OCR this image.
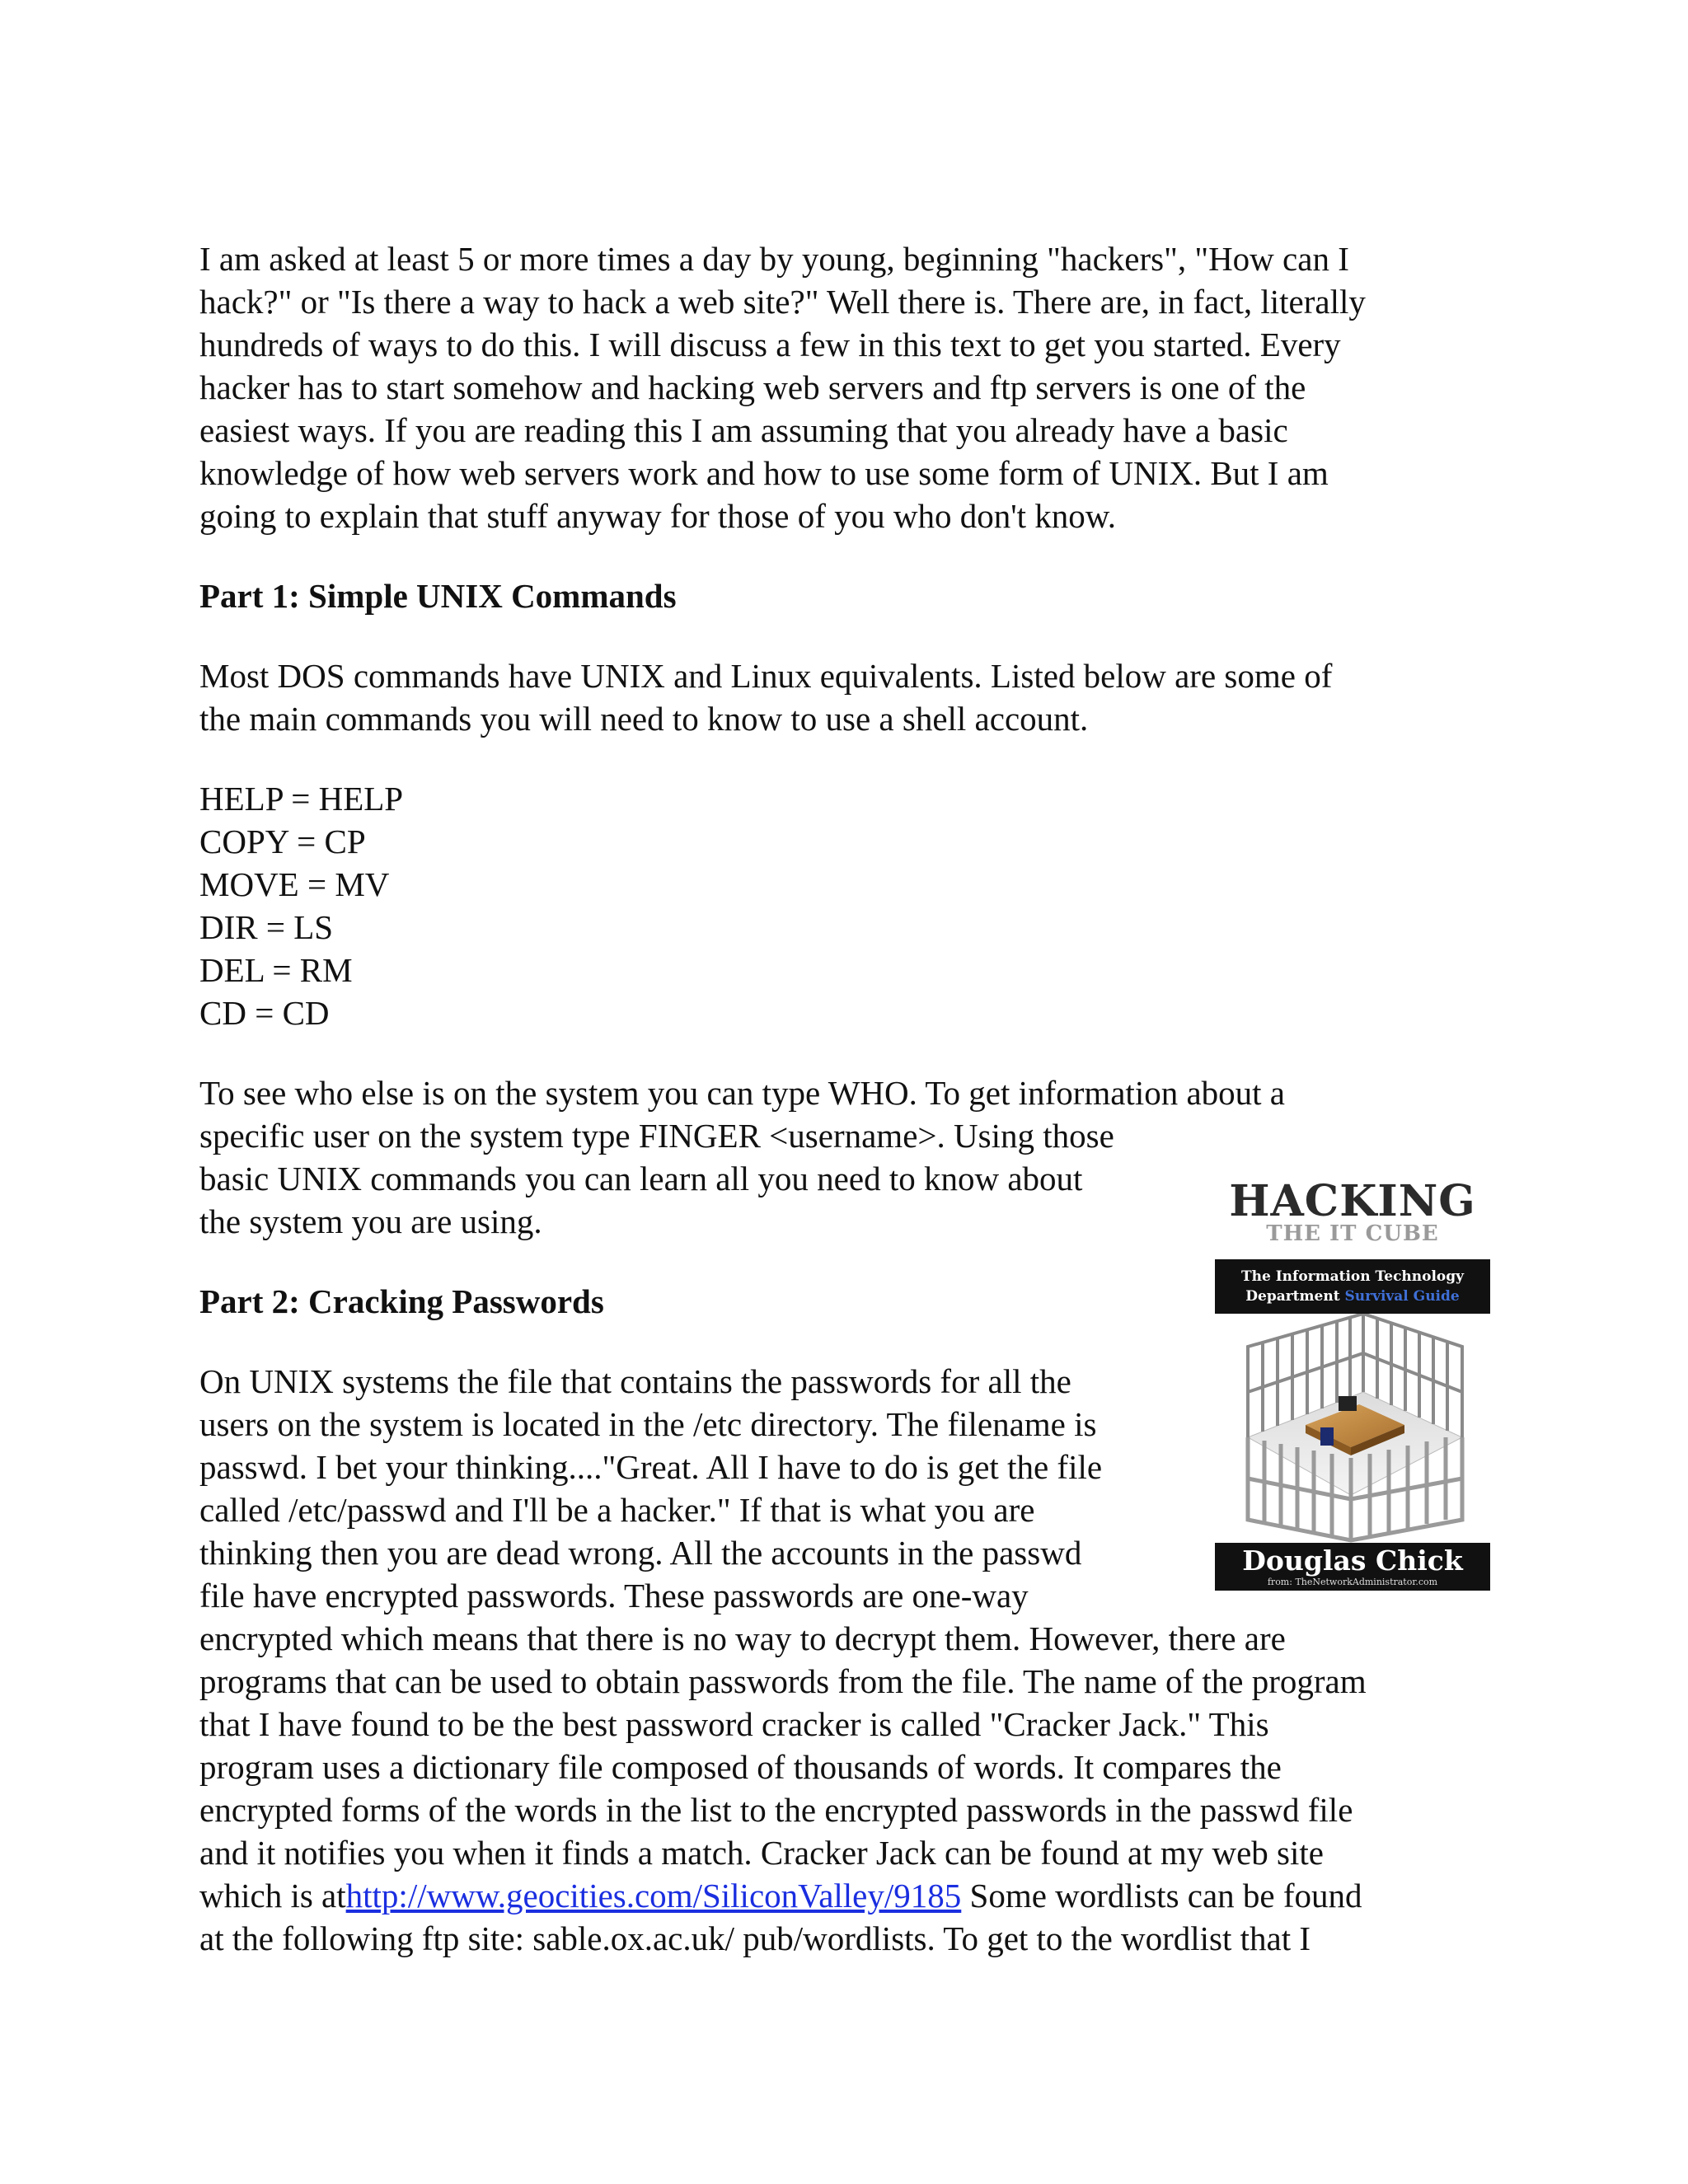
I am asked at least 5 or more times a day by young, beginning "hackers", "How can I
hack?" or "Is there a way to hack a web site?" Well there is. There are, in fact, literally
hundreds of ways to do this. I will discuss a few in this text to get you started. Every
hacker has to start somehow and hacking web servers and ftp servers is one of the
easiest ways. If you are reading this I am assuming that you already have a basic
knowledge of how web servers work and how to use some form of UNIX. But I am
going to explain that stuff anyway for those of you who don't know.
Part 1: Simple UNIX Commands
Most DOS commands have UNIX and Linux equivalents. Listed below are some of
the main commands you will need to know to use a shell account.
HELP = HELP
COPY = CP
MOVE = MV
DIR = LS
DEL = RM
CD = CD
To see who else is on the system you can type WHO. To get information about a
specific user on the system type FINGER <username>. Using those
basic UNIX commands you can learn all you need to know about
the system you are using.
Part 2: Cracking Passwords
On UNIX systems the file that contains the passwords for all the
users on the system is located in the /etc directory. The filename is
passwd. I bet your thinking...."Great. All I have to do is get the file
called /etc/passwd and I'll be a hacker." If that is what you are
thinking then you are dead wrong. All the accounts in the passwd
file have encrypted passwords. These passwords are one-way
encrypted which means that there is no way to decrypt them. However, there are
programs that can be used to obtain passwords from the file. The name of the program
that I have found to be the best password cracker is called "Cracker Jack." This
program uses a dictionary file composed of thousands of words. It compares the
encrypted forms of the words in the list to the encrypted passwords in the passwd file
and it notifies you when it finds a match. Cracker Jack can be found at my web site
which is athttp://www.geocities.com/SiliconValley/9185 Some wordlists can be found
at the following ftp site: sable.ox.ac.uk/ pub/wordlists. To get to the wordlist that I
HACKING
THE IT CUBE
The Information Technology
Department Survival Guide
Douglas Chick
from: TheNetworkAdministrator.com
